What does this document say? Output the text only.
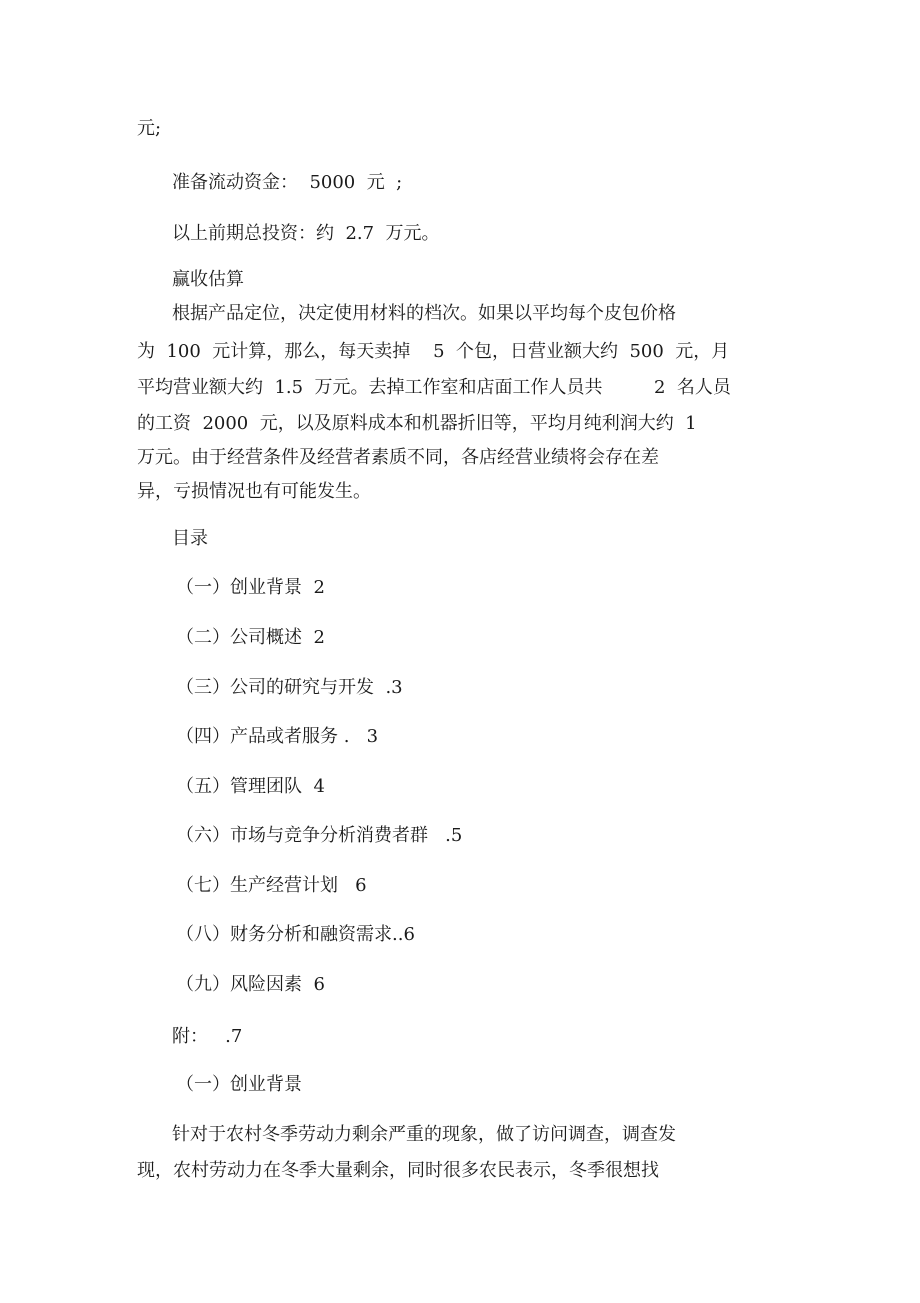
元;

准备流动资金：  5000  元  ;

以上前期总投资：约  2.7  万元。

赢收估算

根据产品定位，决定使用材料的档次。如果以平均每个皮包价格

为  100  元计算，那么，每天卖掉    5  个包，日营业额大约  500  元，月

平均营业额大约  1.5  万元。去掉工作室和店面工作人员共         2  名人员

的工资  2000  元，以及原料成本和机器折旧等，平均月纯利润大约  1

万元。由于经营条件及经营者素质不同，各店经营业绩将会存在差

异，亏损情况也有可能发生。

目录

（一）创业背景  2

（二）公司概述  2

（三）公司的研究与开发  .3

（四）产品或者服务 .   3

（五）管理团队  4

（六）市场与竞争分析消费者群   .5

（七）生产经营计划   6

（八）财务分析和融资需求..6

（九）风险因素  6

附：   .7

（一）创业背景

针对于农村冬季劳动力剩余严重的现象，做了访问调查，调查发

现，农村劳动力在冬季大量剩余，同时很多农民表示，冬季很想找
